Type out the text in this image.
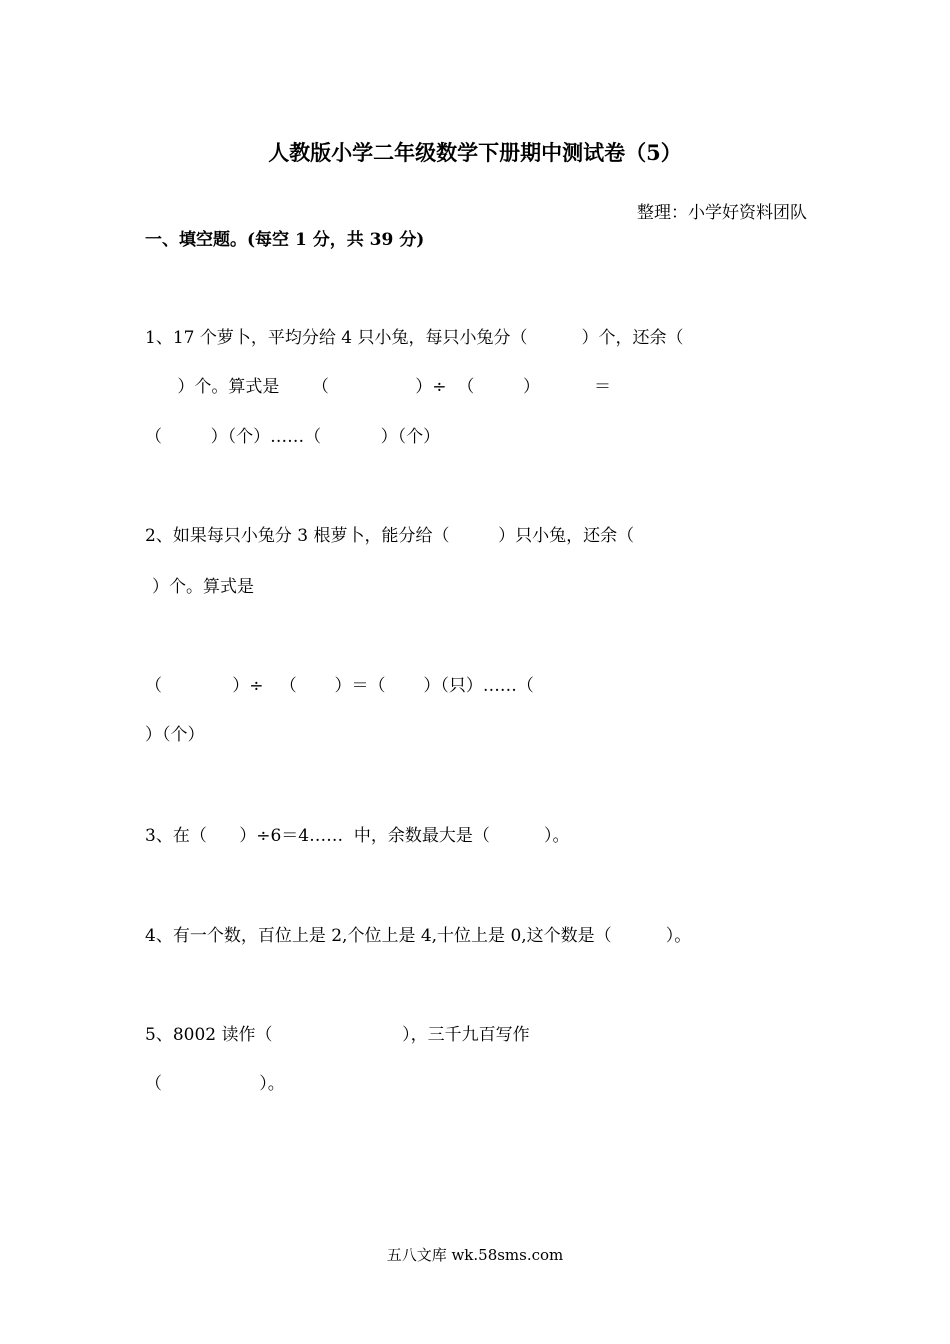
人教版小学二年级数学下册期中测试卷（5）
整理：小学好资料团队
一、填空题。(每空 1 分，共 39 分)
1、17 个萝卜，平均分给 4 只小兔，每只小兔分（          ）个，还余（
）个。算式是      （                ）÷  （         ）          ＝
（         ）（个）……（           ）（个）
2、如果每只小兔分 3 根萝卜，能分给（         ）只小兔，还余（
）个。算式是
（             ）÷   （       ）＝（       ）（只）……（
）（个）
3、在（      ）÷6＝4……  中，余数最大是（          ）。
4、有一个数，百位上是 2,个位上是 4,十位上是 0,这个数是（          ）。
5、8002 读作（                        ），三千九百写作
（                  ）。
五八文库 wk.58sms.com
